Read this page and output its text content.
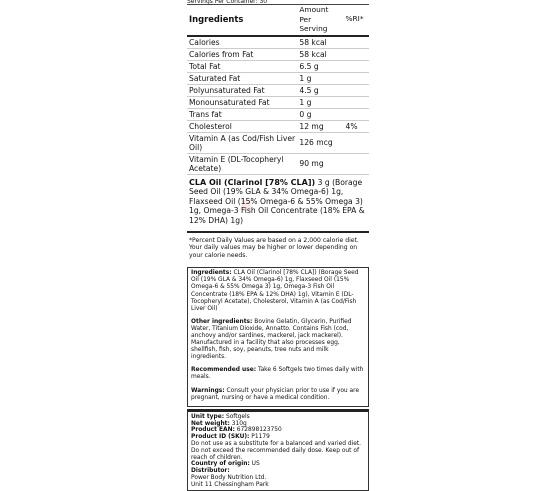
Servings Per Container: 30
✦
Ingredients	Amount Per Serving	%RI*

Calories	58 kcal	
Calories from Fat	58 kcal	
Total Fat	6.5 g	
Saturated Fat	1 g	
Polyunsaturated Fat	4.5 g	
Monounsaturated Fat	1 g	
Trans fat	0 g	
Cholesterol	12 mg	4%
Vitamin A (as Cod/Fish Liver Oil)	126 mcg	
Vitamin E (DL-Tocopheryl Acetate)	90 mg	
CLA Oil (Clarinol [78% CLA]) 3 g (Borage Seed Oil (19% GLA & 34% Omega-6) 1g, Flaxseed Oil (15% Omega-6 & 55% Omega 3) 1g, Omega-3 Fish Oil Concentrate (18% EPA & 12% DHA) 1g)
*Percent Daily Values are based on a 2,000 calorie diet. Your daily values may be higher or lower depending on your calorie needs.

Ingredients: CLA Oil (Clarinol [78% CLA]) (Borage Seed Oil (19% GLA & 34% Omega-6) 1g, Flaxseed Oil (15% Omega-6 & 55% Omega 3) 1g, Omega-3 Fish Oil Concentrate (18% EPA & 12% DHA) 1g), Vitamin E (DL-Tocopheryl Acetate), Cholesterol, Vitamin A (as Cod/Fish Liver Oil)

Other ingredients: Bovine Gelatin, Glycerin, Purified Water, Titanium Dioxide, Annatto. Contains Fish (cod, anchovy and/or sardines, mackerel, jack mackerel). Manufactured in a facility that also processes egg, shellfish, fish, soy, peanuts, tree nuts and milk ingredients.

Recommended use: Take 6 Softgels two times daily with meals.

Warnings: Consult your physician prior to use if you are pregnant, nursing or have a medical condition.

Unit type: Softgels
Net weight: 310g
Product EAN: 672898123750
Product ID (SKU): P1179
Do not use as a substitute for a balanced and varied diet. Do not exceed the recommended daily dose. Keep out of reach of children.
Country of origin: US
Distributor:
Power Body Nutrition Ltd.
Unit 11 Chessingham Park
